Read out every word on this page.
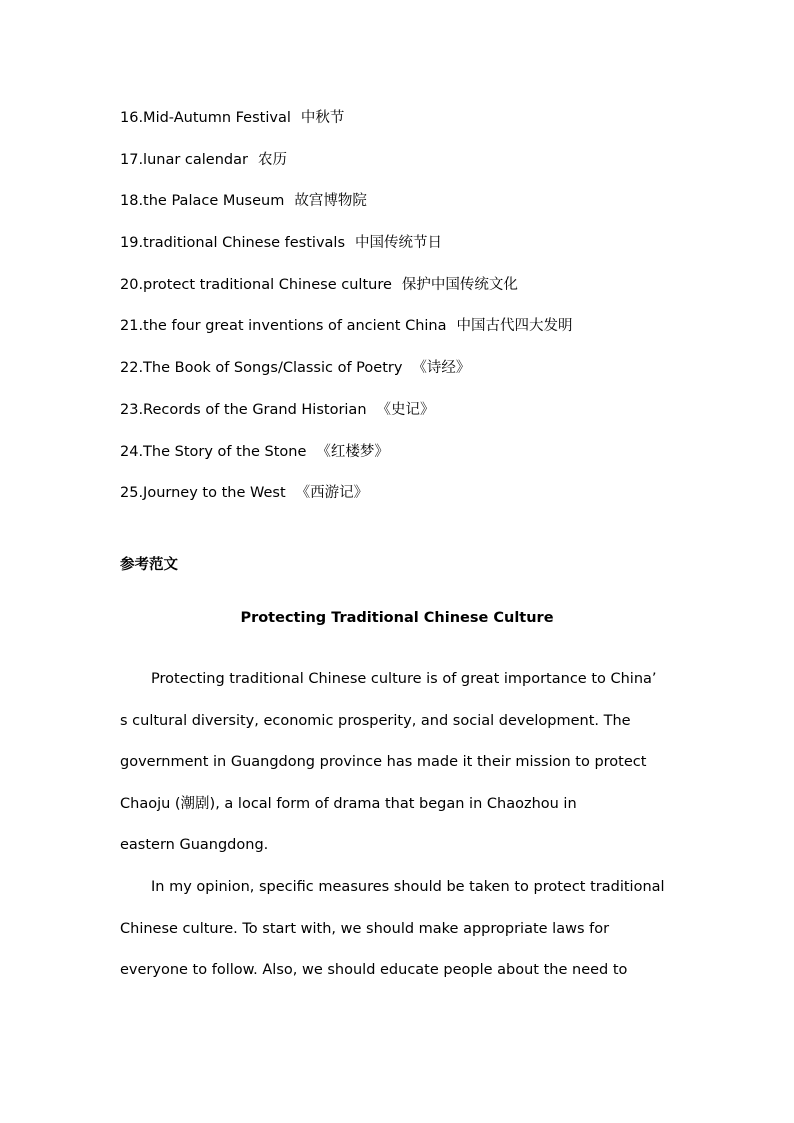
16.Mid-Autumn Festival 中秋节
17.lunar calendar 农历
18.the Palace Museum 故宫博物院
19.traditional Chinese festivals 中国传统节日
20.protect traditional Chinese culture 保护中国传统文化
21.the four great inventions of ancient China 中国古代四大发明
22.The Book of Songs/Classic of Poetry 《诗经》
23.Records of the Grand Historian 《史记》
24.The Story of the Stone 《红楼梦》
25.Journey to the West 《西游记》

参考范文

Protecting Traditional Chinese Culture

Protecting traditional Chinese culture is of great importance to China’
s cultural diversity, economic prosperity, and social development. The
government in Guangdong province has made it their mission to protect
Chaoju (潮剧), a local form of drama that began in Chaozhou in
eastern Guangdong.
In my opinion, specific measures should be taken to protect traditional
Chinese culture. To start with, we should make appropriate laws for
everyone to follow. Also, we should educate people about the need to
